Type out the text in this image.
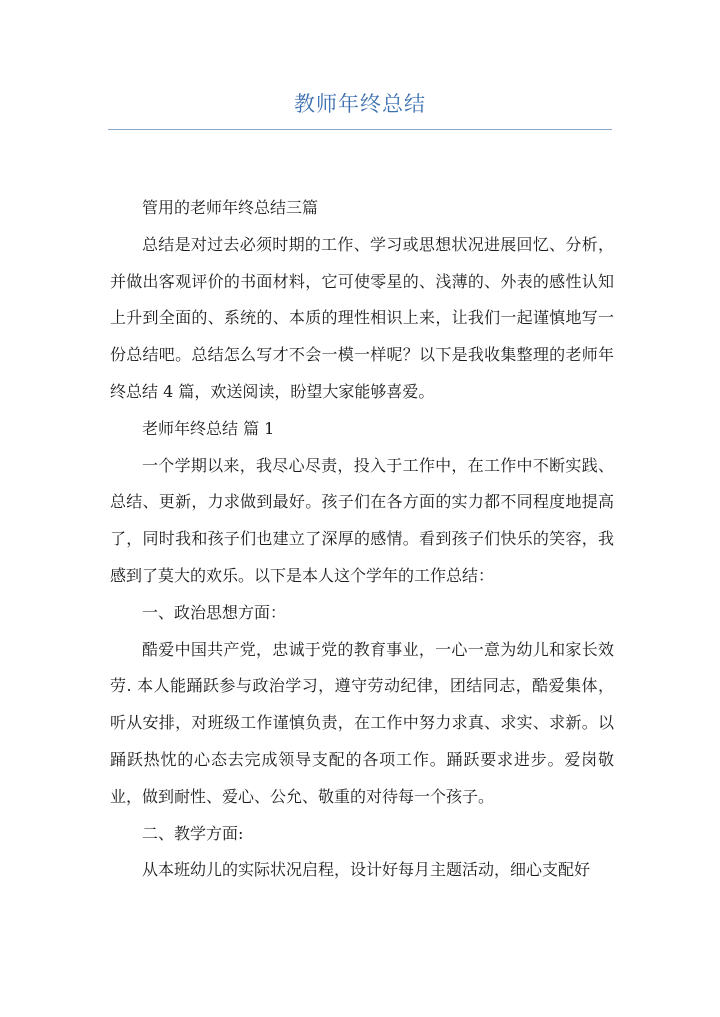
教师年终总结

管用的老师年终总结三篇

总结是对过去必须时期的工作、学习或思想状况进展回忆、分析，并做出客观评价的书面材料，它可使零星的、浅薄的、外表的感性认知上升到全面的、系统的、本质的理性相识上来，让我们一起谨慎地写一份总结吧。总结怎么写才不会一模一样呢？以下是我收集整理的老师年终总结 4 篇，欢送阅读，盼望大家能够喜爱。

老师年终总结 篇 1

一个学期以来，我尽心尽责，投入于工作中，在工作中不断实践、总结、更新，力求做到最好。孩子们在各方面的实力都不同程度地提高了，同时我和孩子们也建立了深厚的感情。看到孩子们快乐的笑容，我感到了莫大的欢乐。以下是本人这个学年的工作总结：

一、政治思想方面：

酷爱中国共产党，忠诚于党的教育事业，一心一意为幼儿和家长效劳. 本人能踊跃参与政治学习，遵守劳动纪律，团结同志，酷爱集体，听从安排，对班级工作谨慎负责，在工作中努力求真、求实、求新。以踊跃热忱的心态去完成领导支配的各项工作。踊跃要求进步。爱岗敬业，做到耐性、爱心、公允、敬重的对待每一个孩子。

二、教学方面:

从本班幼儿的实际状况启程，设计好每月主题活动，细心支配好
